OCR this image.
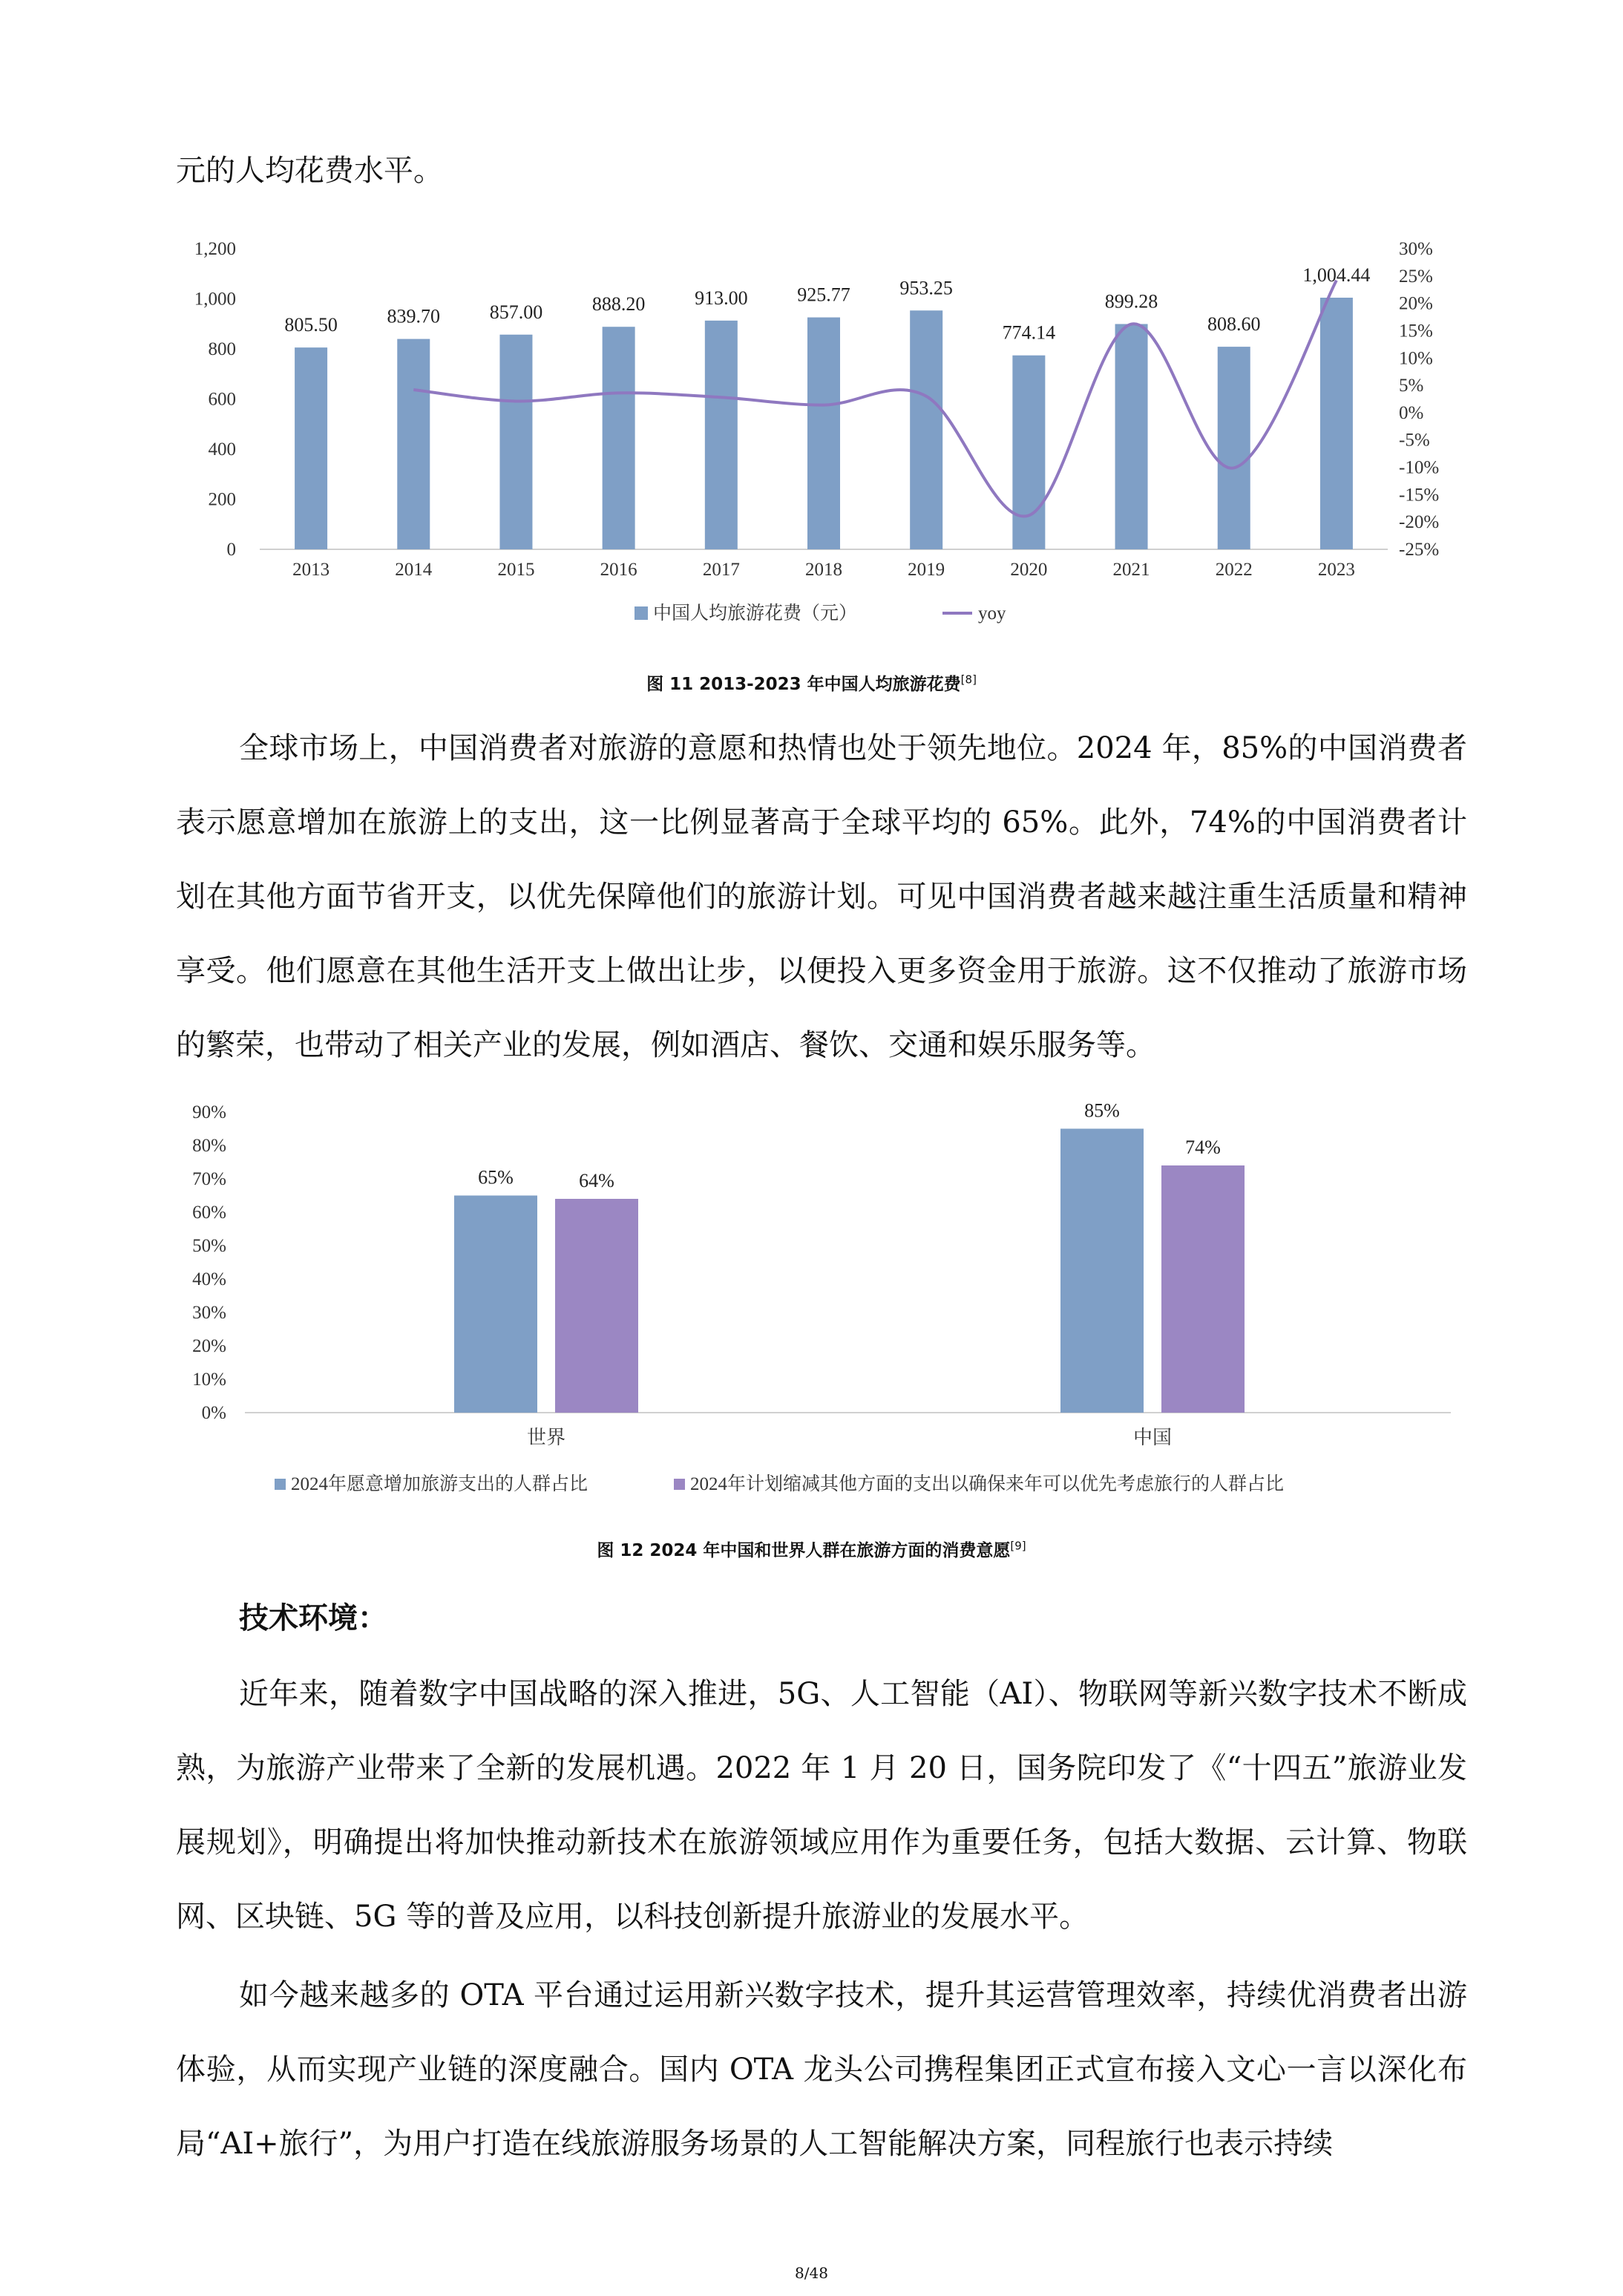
元的人均花费水平。

0
200
400
600
800
1,000
1,200
-25%
-20%
-15%
-10%
-5%
0%
5%
10%
15%
20%
25%
30%
805.50	839.70	857.00	888.20	913.00	925.77	953.25
774.14
899.28
808.60
1,004.44
2013	2014	2015	2016	2017	2018	2019	2020	2021	2022	2023
中国人均旅游花费（元）	yoy
图 11 2013-2023 年中国人均旅游花费[8]

全球市场上，中国消费者对旅游的意愿和热情也处于领先地位。2024 年，85%的中国消费者表示愿意增加在旅游上的支出，这一比例显著高于全球平均的 65%。此外，74%的中国消费者计划在其他方面节省开支，以优先保障他们的旅游计划。可见中国消费者越来越注重生活质量和精神享受。他们愿意在其他生活开支上做出让步，以便投入更多资金用于旅游。这不仅推动了旅游市场的繁荣，也带动了相关产业的发展，例如酒店、餐饮、交通和娱乐服务等。

0%
10%
20%
30%
40%
50%
60%
70%
80%
90%
65%	64%
85%
74%
世界	中国
2024年愿意增加旅游支出的人群占比	2024年计划缩减其他方面的支出以确保来年可以优先考虑旅行的人群占比
图 12 2024 年中国和世界人群在旅游方面的消费意愿[9]

技术环境：

近年来，随着数字中国战略的深入推进，5G、人工智能（AI）、物联网等新兴数字技术不断成熟，为旅游产业带来了全新的发展机遇。2022 年 1 月 20 日，国务院印发了《“十四五”旅游业发展规划》，明确提出将加快推动新技术在旅游领域应用作为重要任务，包括大数据、云计算、物联网、区块链、5G 等的普及应用，以科技创新提升旅游业的发展水平。

如今越来越多的 OTA 平台通过运用新兴数字技术，提升其运营管理效率，持续优消费者出游体验，从而实现产业链的深度融合。国内 OTA 龙头公司携程集团正式宣布接入文心一言以深化布局“AI+旅行”，为用户打造在线旅游服务场景的人工智能解决方案，同程旅行也表示持续

8/48
